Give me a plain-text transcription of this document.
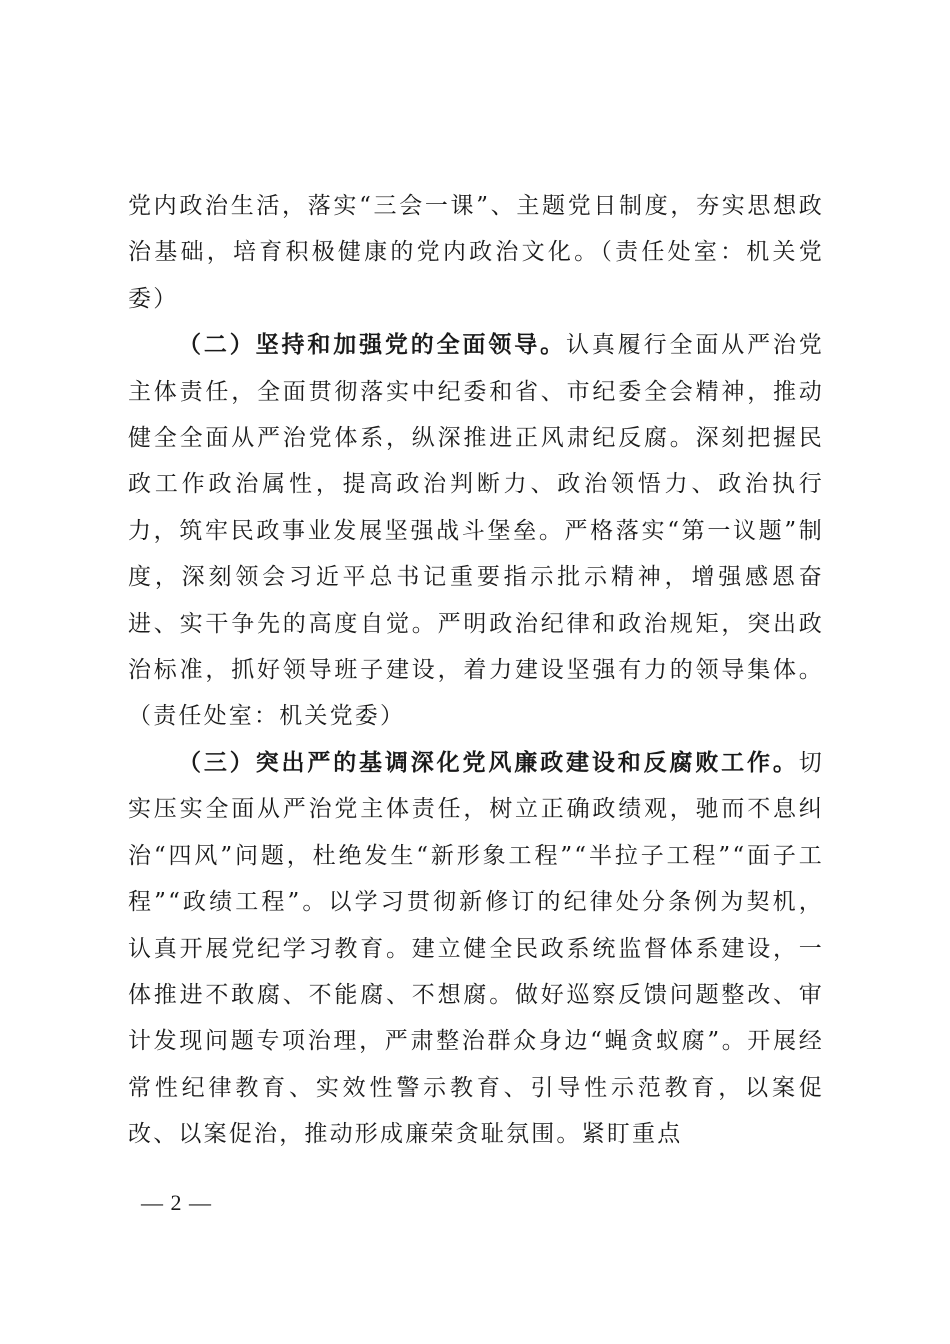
党内政治生活，落实“三会一课”、主题党日制度，夯实思想政治基础，培育积极健康的党内政治文化。（责任处室：机关党委）

（二）坚持和加强党的全面领导。认真履行全面从严治党主体责任，全面贯彻落实中纪委和省、市纪委全会精神，推动健全全面从严治党体系，纵深推进正风肃纪反腐。深刻把握民政工作政治属性，提高政治判断力、政治领悟力、政治执行力，筑牢民政事业发展坚强战斗堡垒。严格落实“第一议题”制度，深刻领会习近平总书记重要指示批示精神，增强感恩奋进、实干争先的高度自觉。严明政治纪律和政治规矩，突出政治标准，抓好领导班子建设，着力建设坚强有力的领导集体。（责任处室：机关党委）

（三）突出严的基调深化党风廉政建设和反腐败工作。切实压实全面从严治党主体责任，树立正确政绩观，驰而不息纠治“四风”问题，杜绝发生“新形象工程”“半拉子工程”“面子工程”“政绩工程”。以学习贯彻新修订的纪律处分条例为契机，认真开展党纪学习教育。建立健全民政系统监督体系建设，一体推进不敢腐、不能腐、不想腐。做好巡察反馈问题整改、审计发现问题专项治理，严肃整治群众身边“蝇贪蚁腐”。开展经常性纪律教育、实效性警示教育、引导性示范教育，以案促改、以案促治，推动形成廉荣贪耻氛围。紧盯重点

— 2 —
